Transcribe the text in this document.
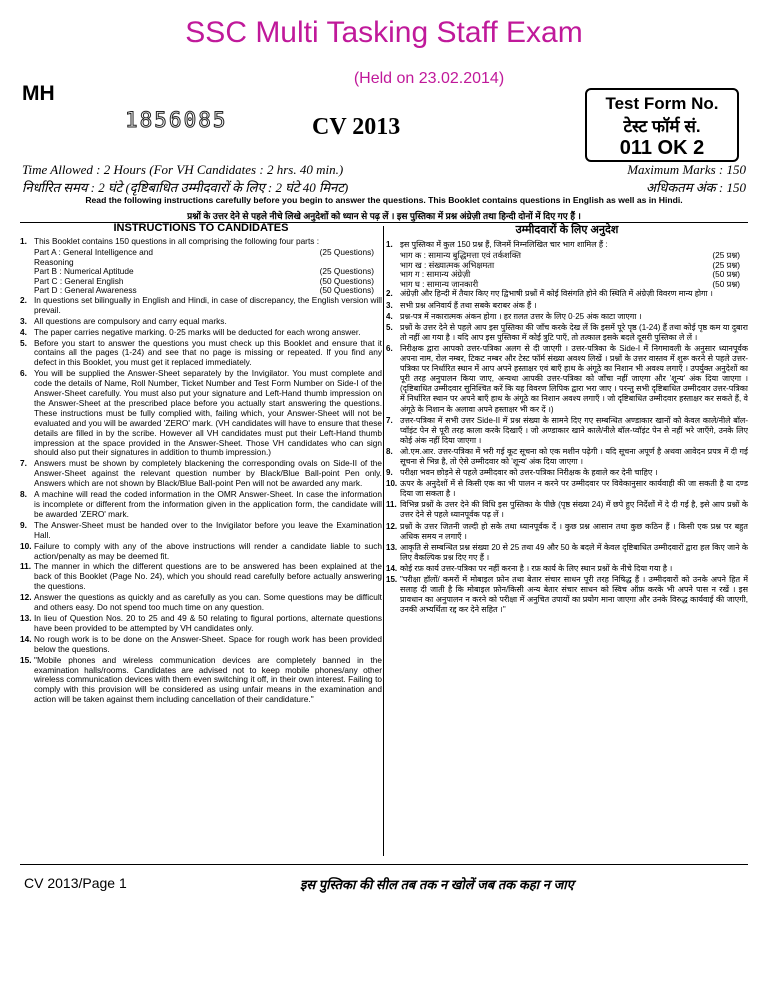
SSC Multi Tasking Staff Exam
(Held on 23.02.2014)
MH
1856085	CV 2013
Test Form No.
टेस्ट फॉर्म सं.
011 OK 2
Time Allowed : 2 Hours (For VH Candidates : 2 hrs. 40 min.)
निर्धारित समय : 2 घंटे (दृष्टिबाधित उम्मीदवारों के लिए : 2 घंटे 40 मिनट)
Maximum Marks : 150
अधिकतम अंक : 150
Read the following instructions carefully before you begin to answer the questions. This Booklet contains questions in English as well as in Hindi.
प्रश्नों के उत्तर देने से पहले नीचे लिखे अनुदेशों को ध्यान से पढ़ लें । इस पुस्तिका में प्रश्न अंग्रेज़ी तथा हिन्दी दोनों में दिए गए हैं ।
INSTRUCTIONS TO CANDIDATES
1. This Booklet contains 150 questions in all comprising the following four parts :
Part A : General Intelligence and Reasoning
(25 Questions)
Part B : Numerical Aptitude	(25 Questions)
Part C : General English	(50 Questions)
Part D : General Awareness	(50 Questions)
2. In questions set bilingually in English and Hindi, in case of discrepancy, the English version will prevail.
3. All questions are compulsory and carry equal marks.
4. The paper carries negative marking. 0·25 marks will be deducted for each wrong answer.
5. Before you start to answer the questions you must check up this Booklet and ensure that it contains all the pages (1-24) and see that no page is missing or repeated. If you find any defect in this Booklet, you must get it replaced immediately.
6. You will be supplied the Answer-Sheet separately by the Invigilator. You must complete and code the details of Name, Roll Number, Ticket Number and Test Form Number on Side-I of the Answer-Sheet carefully. You must also put your signature and Left-Hand thumb impression on the Answer-Sheet at the prescribed place before you actually start answering the questions. These instructions must be fully complied with, failing which, your Answer-Sheet will not be evaluated and you will be awarded 'ZERO' mark. (VH candidates will have to ensure that these details are filled in by the scribe. However all VH candidates must put their Left-Hand thumb impression at the space provided in the Answer-Sheet. Those VH candidates who can sign should also put their signatures in addition to thumb impression.)
7. Answers must be shown by completely blackening the corresponding ovals on Side-II of the Answer-Sheet against the relevant question number by Black/Blue Ball-point Pen only. Answers which are not shown by Black/Blue Ball-point Pen will not be awarded any mark.
8. A machine will read the coded information in the OMR Answer-Sheet. In case the information is incomplete or different from the information given in the application form, the candidate will be awarded 'ZERO' mark.
9. The Answer-Sheet must be handed over to the Invigilator before you leave the Examination Hall.
10. Failure to comply with any of the above instructions will render a candidate liable to such action/penalty as may be deemed fit.
11. The manner in which the different questions are to be answered has been explained at the back of this Booklet (Page No. 24), which you should read carefully before actually answering the questions.
12. Answer the questions as quickly and as carefully as you can. Some questions may be difficult and others easy. Do not spend too much time on any question.
13. In lieu of Question Nos. 20 to 25 and 49 & 50 relating to figural portions, alternate questions have been provided to be attempted by VH candidates only.
14. No rough work is to be done on the Answer-Sheet. Space for rough work has been provided below the questions.
15. "Mobile phones and wireless communication devices are completely banned in the examination halls/rooms. Candidates are advised not to keep mobile phones/any other wireless communication devices with them even switching it off, in their own interest. Failing to comply with this provision will be considered as using unfair means in the examination and action will be taken against them including cancellation of their candidature."
उम्मीदवारों के लिए अनुदेश
1. इस पुस्तिका में कुल 150 प्रश्न हैं, जिनमें निम्नलिखित चार भाग शामिल हैं :
भाग क : सामान्य बुद्धिमत्ता एवं तर्कशक्ति	(25 प्रश्न)
भाग ख : संख्यात्मक अभिक्षमता	(25 प्रश्न)
भाग ग : सामान्य अंग्रेज़ी	(50 प्रश्न)
भाग घ : सामान्य जानकारी	(50 प्रश्न)
2. अंग्रेज़ी और हिन्दी में तैयार किए गए द्विभाषी प्रश्नों में कोई विसंगति होने की स्थिति में अंग्रेज़ी विवरण मान्य होगा ।
3. सभी प्रश्न अनिवार्य हैं तथा सबके बराबर अंक हैं ।
4. प्रश्न-पत्र में नकारात्मक अंकन होगा । हर ग़लत उत्तर के लिए 0·25 अंक काटा जाएगा ।
5. प्रश्नों के उत्तर देने से पहले आप इस पुस्तिका की जाँच करके देख लें कि इसमें पूरे पृष्ठ (1-24) हैं तथा कोई पृष्ठ कम या दुबारा तो नहीं आ गया है । यदि आप इस पुस्तिका में कोई त्रुटि पाएँ, तो तत्काल इसके बदले दूसरी पुस्तिका ले लें ।
6. निरीक्षक द्वारा आपको उत्तर-पत्रिका अलग से दी जाएगी । उत्तर-पत्रिका के Side-I में निगमावली के अनुसार ध्यानपूर्वक अपना नाम, रोल नम्बर, टिकट नम्बर और टेस्ट फॉर्म संख्या अवश्य लिखें । प्रश्नों के उत्तर वास्तव में शुरू करने से पहले उत्तर-पत्रिका पर निर्धारित स्थान में आप अपने हस्ताक्षर एवं बाएँ हाथ के अंगूठे का निशान भी अवश्य लगाएँ । उपर्युक्त अनुदेशों का पूरी तरह अनुपालन किया जाए, अन्यथा आपकी उत्तर-पत्रिका को जाँचा नहीं जाएगा और 'शून्य' अंक दिया जाएगा । (दृष्टिबाधित उम्मीदवार सुनिश्चित करें कि यह विवरण लिपिक द्वारा भरा जाए । परन्तु सभी दृष्टिबाधित उम्मीदवार उत्तर-पत्रिका में निर्धारित स्थान पर अपने बाएँ हाथ के अंगूठे का निशान अवश्य लगाएँ । जो दृष्टिबाधित उम्मीदवार हस्ताक्षर कर सकते हैं, वे अंगूठे के निशान के अलावा अपने हस्ताक्षर भी कर दें ।)
7. उत्तर-पत्रिका में सभी उत्तर Side-II में प्रश्न संख्या के सामने दिए गए सम्बन्धित अण्डाकार खानों को केवल काले/नीले बॉल-प्वॉइंट पेन से पूरी तरह काला करके दिखाएँ । जो अण्डाकार खाने काले/नीले बॉल-प्वॉइंट पेन से नहीं भरे जाएँगे, उनके लिए कोई अंक नहीं दिया जाएगा ।
8. ओ.एम.आर. उत्तर-पत्रिका में भरी गई कूट सूचना को एक मशीन पढ़ेगी । यदि सूचना अपूर्ण है अथवा आवेदन प्रपत्र में दी गई सूचना से भिन्न है, तो ऐसे उम्मीदवार को 'शून्य' अंक दिया जाएगा ।
9. परीक्षा भवन छोड़ने से पहले उम्मीदवार को उत्तर-पत्रिका निरीक्षक के हवाले कर देनी चाहिए ।
10. ऊपर के अनुदेशों में से किसी एक का भी पालन न करने पर उम्मीदवार पर विवेकानुसार कार्यवाही की जा सकती है या दण्ड दिया जा सकता है ।
11. विभिन्न प्रश्नों के उत्तर देने की विधि इस पुस्तिका के पीछे (पृष्ठ संख्या 24) में छपे हुए निर्देशों में दे दी गई है, इसे आप प्रश्नों के उत्तर देने से पहले ध्यानपूर्वक पढ़ लें ।
12. प्रश्नों के उत्तर जितनी जल्दी हो सके तथा ध्यानपूर्वक दें । कुछ प्रश्न आसान तथा कुछ कठिन हैं । किसी एक प्रश्न पर बहुत अधिक समय न लगाएँ ।
13. आकृति से सम्बन्धित प्रश्न संख्या 20 से 25 तथा 49 और 50 के बदले में केवल दृष्टिबाधित उम्मीदवारों द्वारा हल किए जाने के लिए वैकल्पिक प्रश्न दिए गए हैं ।
14. कोई रफ़ कार्य उत्तर-पत्रिका पर नहीं करना है । रफ़ कार्य के लिए स्थान प्रश्नों के नीचे दिया गया है ।
15. "परीक्षा हॉलों/ कमरों में मोबाइल फ़ोन तथा बेतार संचार साधन पूरी तरह निषिद्ध हैं । उम्मीदवारों को उनके अपने हित में सलाह दी जाती है कि मोबाइल फ़ोन/किसी अन्य बेतार संचार साधन को स्विच ऑफ़ करके भी अपने पास न रखें । इस प्रावधान का अनुपालन न करने को परीक्षा में अनुचित उपायों का प्रयोग माना जाएगा और उनके विरुद्ध कार्यवाई की जाएगी, उनकी अभ्यर्थिता रद्द कर देने सहित ।"
CV 2013/Page 1	इस पुस्तिका की सील तब तक न खोलें जब तक कहा न जाए
